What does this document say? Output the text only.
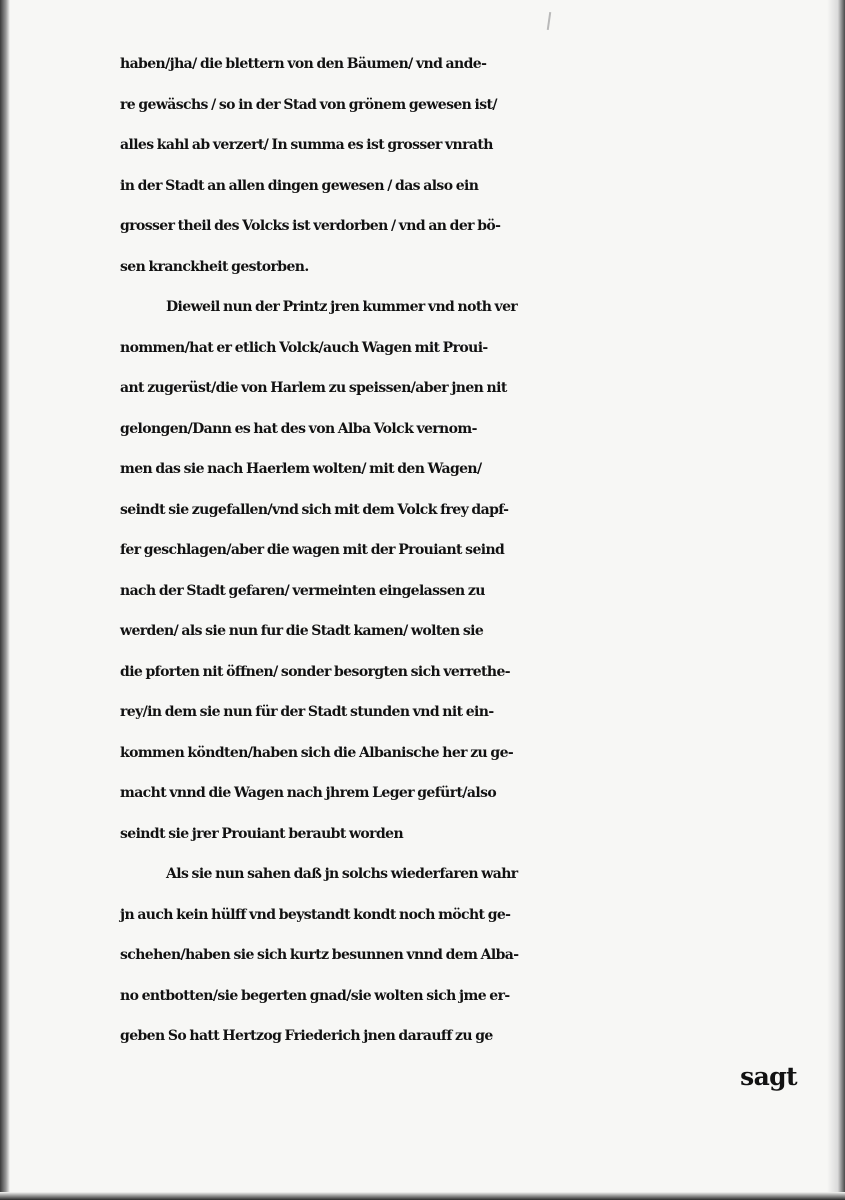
haben/jha/ die blettern von den Bäumen/ vnd ande-
re gewäschs / so in der Stad von grönem gewesen ist/
alles kahl ab verzert/ In summa es ist grosser vnrath
in der Stadt an allen dingen gewesen / das also ein
grosser theil des Volcks ist verdorben / vnd an der bö-
sen kranckheit gestorben.
Dieweil nun der Printz jren kummer vnd noth ver
nommen/hat er etlich Volck/auch Wagen mit Proui-
ant zugerüst/die von Harlem zu speissen/aber jnen nit
gelongen/Dann es hat des von Alba Volck vernom-
men das sie nach Haerlem wolten/ mit den Wagen/
seindt sie zugefallen/vnd sich mit dem Volck frey dapf-
fer geschlagen/aber die wagen mit der Prouiant seind
nach der Stadt gefaren/ vermeinten eingelassen zu
werden/ als sie nun fur die Stadt kamen/ wolten sie
die pforten nit öffnen/ sonder besorgten sich verrethe-
rey/in dem sie nun für der Stadt stunden vnd nit ein-
kommen köndten/haben sich die Albanische her zu ge-
macht vnnd die Wagen nach jhrem Leger gefürt/also
seindt sie jrer Prouiant beraubt worden
Als sie nun sahen daß jn solchs wiederfaren wahr
jn auch kein hülff vnd beystandt kondt noch möcht ge-
schehen/haben sie sich kurtz besunnen vnnd dem Alba-
no entbotten/sie begerten gnad/sie wolten sich jme er-
geben So hatt Hertzog Friederich jnen darauff zu ge
sagt
